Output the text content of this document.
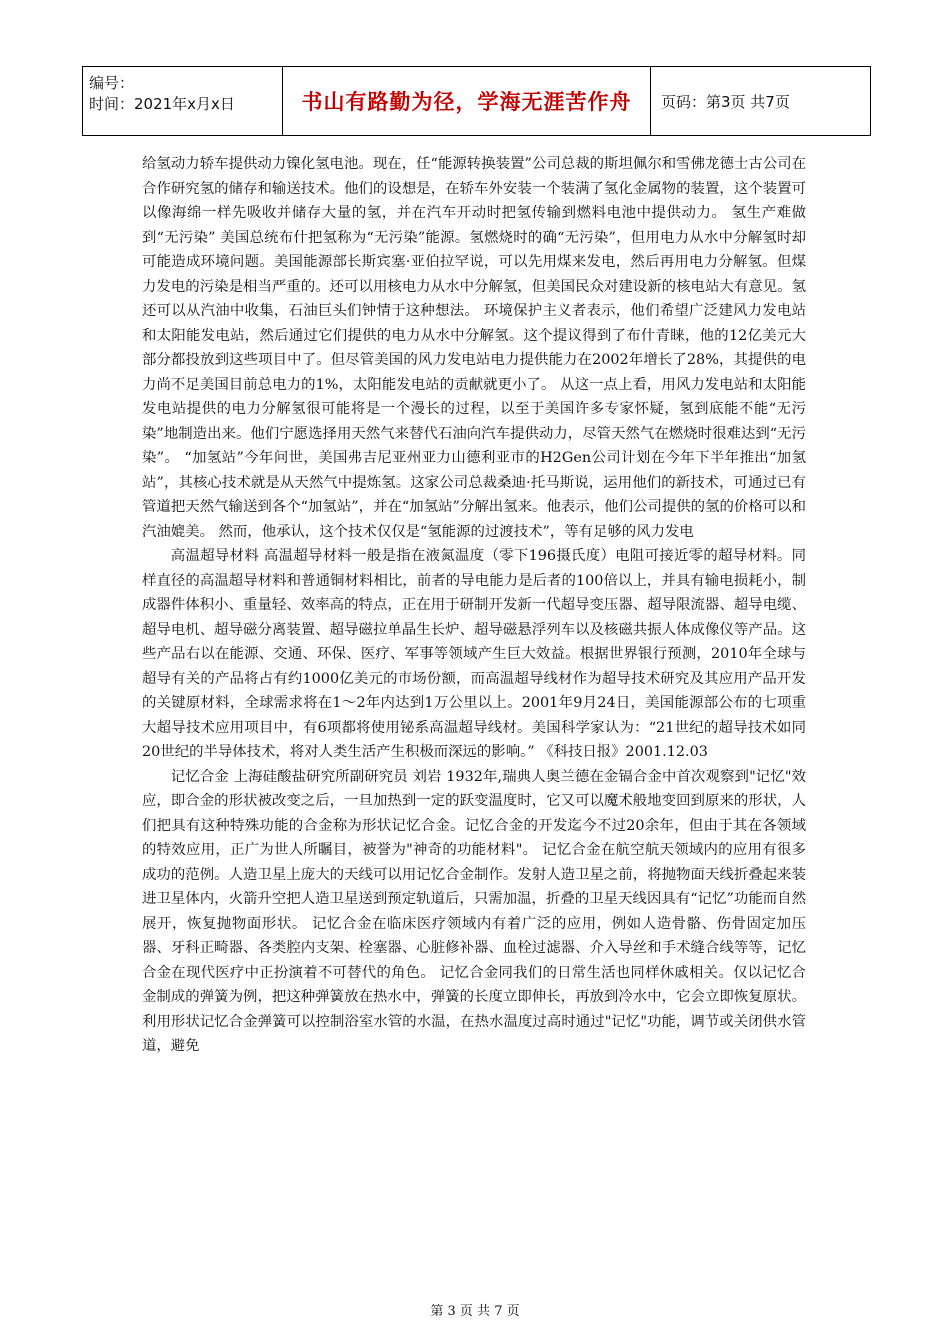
编号：
时间：2021年x月x日	书山有路勤为径，学海无涯苦作舟	页码：第3页 共7页

给氢动力轿车提供动力镍化氢电池。现在，任“能源转换装置”公司总裁的斯坦佩尔和雪佛龙德士古公司在合作研究氢的储存和输送技术。他们的设想是，在轿车外安装一个装满了氢化金属物的装置，这个装置可以像海绵一样先吸收并储存大量的氢，并在汽车开动时把氢传输到燃料电池中提供动力。 氢生产难做到“无污染” 美国总统布什把氢称为“无污染”能源。氢燃烧时的确“无污染”，但用电力从水中分解氢时却可能造成环境问题。美国能源部长斯宾塞·亚伯拉罕说，可以先用煤来发电，然后再用电力分解氢。但煤力发电的污染是相当严重的。还可以用核电力从水中分解氢，但美国民众对建设新的核电站大有意见。氢还可以从汽油中收集，石油巨头们钟情于这种想法。 环境保护主义者表示，他们希望广泛建风力发电站和太阳能发电站，然后通过它们提供的电力从水中分解氢。这个提议得到了布什青睐，他的12亿美元大部分都投放到这些项目中了。但尽管美国的风力发电站电力提供能力在2002年增长了28%，其提供的电力尚不足美国目前总电力的1%，太阳能发电站的贡献就更小了。 从这一点上看，用风力发电站和太阳能发电站提供的电力分解氢很可能将是一个漫长的过程，以至于美国许多专家怀疑，氢到底能不能“无污染”地制造出来。他们宁愿选择用天然气来替代石油向汽车提供动力，尽管天然气在燃烧时很难达到“无污染”。 “加氢站”今年问世，美国弗吉尼亚州亚力山德利亚市的H2Gen公司计划在今年下半年推出“加氢站”，其核心技术就是从天然气中提炼氢。这家公司总裁桑迪·托马斯说，运用他们的新技术，可通过已有管道把天然气输送到各个“加氢站”，并在“加氢站”分解出氢来。他表示，他们公司提供的氢的价格可以和汽油媲美。 然而，他承认，这个技术仅仅是“氢能源的过渡技术”，等有足够的风力发电

高温超导材料 高温超导材料一般是指在液氮温度（零下196摄氏度）电阻可接近零的超导材料。同样直径的高温超导材料和普通铜材料相比，前者的导电能力是后者的100倍以上，并具有输电损耗小，制成器件体积小、重量轻、效率高的特点，正在用于研制开发新一代超导变压器、超导限流器、超导电缆、超导电机、超导磁分离装置、超导磁拉单晶生长炉、超导磁悬浮列车以及核磁共振人体成像仪等产品。这些产品右以在能源、交通、环保、医疗、军事等领域产生巨大效益。根据世界银行预测，2010年全球与超导有关的产品将占有约1000亿美元的市场份额，而高温超导线材作为超导技术研究及其应用产品开发的关键原材料，全球需求将在1～2年内达到1万公里以上。2001年9月24日，美国能源部公布的七项重大超导技术应用项目中，有6项都将使用铋系高温超导线材。美国科学家认为：“21世纪的超导技术如同20世纪的半导体技术，将对人类生活产生积极而深远的影响。” 《科技日报》2001.12.03

记忆合金 上海硅酸盐研究所副研究员 刘岩 1932年,瑞典人奥兰德在金镉合金中首次观察到"记忆"效应，即合金的形状被改变之后，一旦加热到一定的跃变温度时，它又可以魔术般地变回到原来的形状，人们把具有这种特殊功能的合金称为形状记忆合金。记忆合金的开发迄今不过20余年，但由于其在各领域的特效应用，正广为世人所瞩目，被誉为"神奇的功能材料"。 记忆合金在航空航天领域内的应用有很多成功的范例。人造卫星上庞大的天线可以用记忆合金制作。发射人造卫星之前，将抛物面天线折叠起来装进卫星体内，火箭升空把人造卫星送到预定轨道后，只需加温，折叠的卫星天线因具有“记忆”功能而自然展开，恢复抛物面形状。 记忆合金在临床医疗领域内有着广泛的应用，例如人造骨骼、伤骨固定加压器、牙科正畸器、各类腔内支架、栓塞器、心脏修补器、血栓过滤器、介入导丝和手术缝合线等等，记忆合金在现代医疗中正扮演着不可替代的角色。 记忆合金同我们的日常生活也同样休戚相关。仅以记忆合金制成的弹簧为例，把这种弹簧放在热水中，弹簧的长度立即伸长，再放到冷水中，它会立即恢复原状。利用形状记忆合金弹簧可以控制浴室水管的水温，在热水温度过高时通过"记忆"功能，调节或关闭供水管道，避免

第 3 页 共 7 页
